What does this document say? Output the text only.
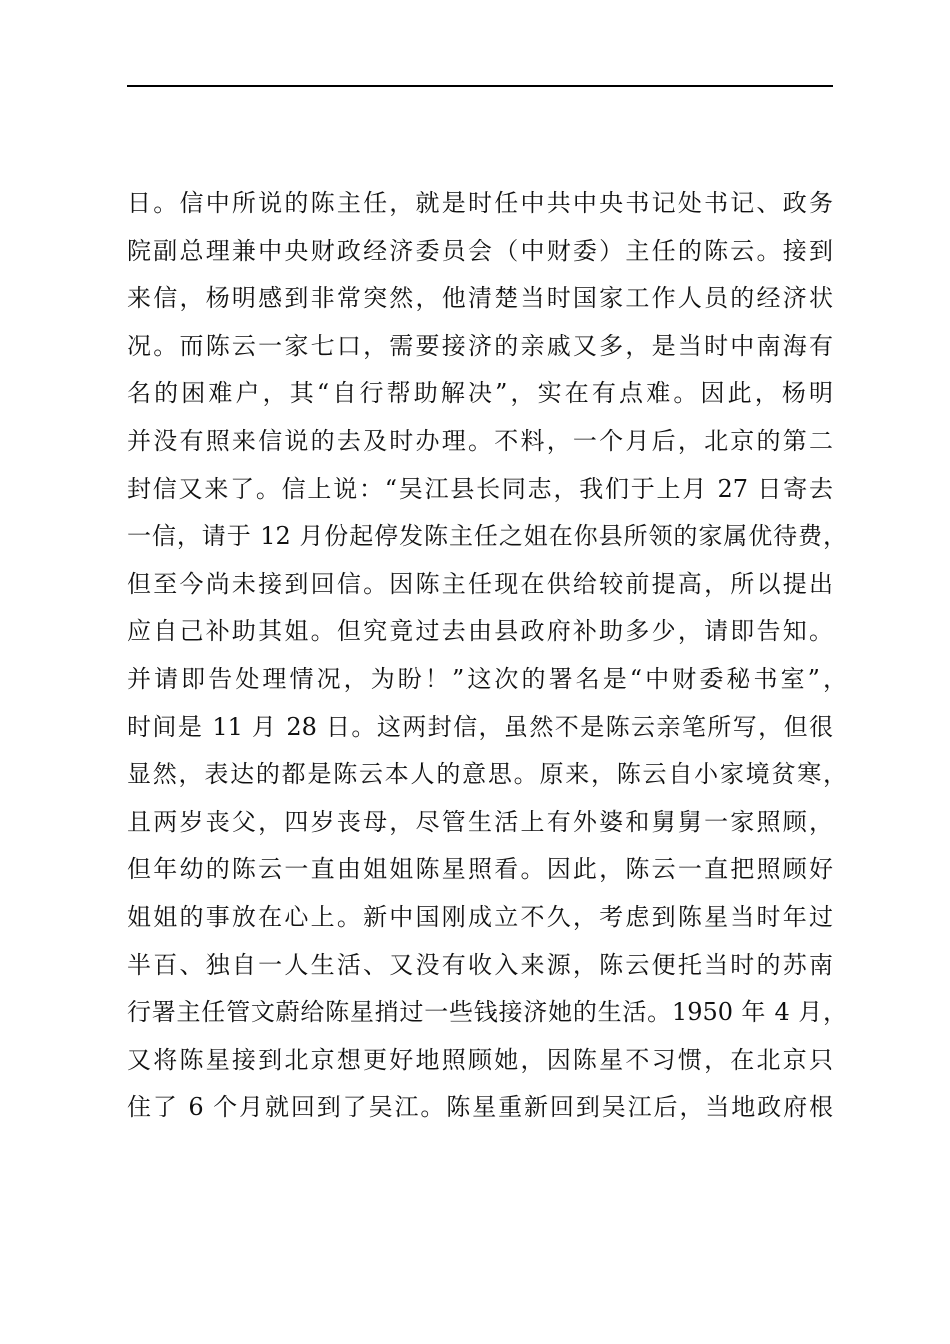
日。信中所说的陈主任，就是时任中共中央书记处书记、政务
院副总理兼中央财政经济委员会（中财委）主任的陈云。接到
来信，杨明感到非常突然，他清楚当时国家工作人员的经济状
况。而陈云一家七口，需要接济的亲戚又多，是当时中南海有
名的困难户，其“自行帮助解决”，实在有点难。因此，杨明
并没有照来信说的去及时办理。不料，一个月后，北京的第二
封信又来了。信上说：“吴江县长同志，我们于上月 27 日寄去
一信，请于 12 月份起停发陈主任之姐在你县所领的家属优待费，
但至今尚未接到回信。因陈主任现在供给较前提高，所以提出
应自己补助其姐。但究竟过去由县政府补助多少，请即告知。
并请即告处理情况，为盼！”这次的署名是“中财委秘书室”，
时间是 11 月 28 日。这两封信，虽然不是陈云亲笔所写，但很
显然，表达的都是陈云本人的意思。原来，陈云自小家境贫寒，
且两岁丧父，四岁丧母，尽管生活上有外婆和舅舅一家照顾，
但年幼的陈云一直由姐姐陈星照看。因此，陈云一直把照顾好
姐姐的事放在心上。新中国刚成立不久，考虑到陈星当时年过
半百、独自一人生活、又没有收入来源，陈云便托当时的苏南
行署主任管文蔚给陈星捎过一些钱接济她的生活。1950 年 4 月，
又将陈星接到北京想更好地照顾她，因陈星不习惯，在北京只
住了 6 个月就回到了吴江。陈星重新回到吴江后，当地政府根
